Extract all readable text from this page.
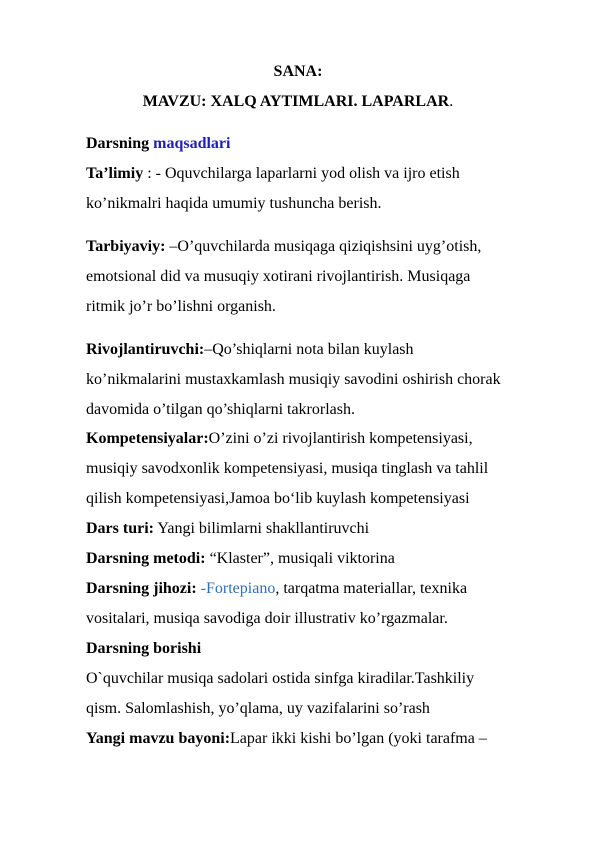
SANA:
MAVZU: XALQ AYTIMLARI. LAPARLAR.
Darsning maqsadlari
Ta’limiy : - Oquvchilarga laparlarni yod olish va ijro etish
ko’nikmalri haqida umumiy tushuncha berish.
Tarbiyaviy: –O’quvchilarda musiqaga qiziqishsini uyg’otish,
emotsional did va musuqiy xotirani rivojlantirish. Musiqaga
ritmik jo’r bo’lishni organish.
Rivojlantiruvchi:–Qo’shiqlarni nota bilan kuylash
ko’nikmalarini mustaxkamlash musiqiy savodini oshirish chorak
davomida o’tilgan qo’shiqlarni takrorlash.
Kompetensiyalar:O’zini o’zi rivojlantirish kompetensiyasi,
musiqiy savodxonlik kompetensiyasi, musiqa tinglash va tahlil
qilish kompetensiyasi,Jamoa bo‘lib kuylash kompetensiyasi
Dars turi: Yangi bilimlarni shakllantiruvchi
Darsning metodi: “Klaster”, musiqali viktorina
Darsning jihozi: -Fortepiano, tarqatma materiallar, texnika
vositalari, musiqa savodiga doir illustrativ ko’rgazmalar.
Darsning borishi
O`quvchilar musiqa sadolari ostida sinfga kiradilar.Tashkiliy
qism. Salomlashish, yo’qlama, uy vazifalarini so’rash
Yangi mavzu bayoni:Lapar ikki kishi bo’lgan (yoki tarafma –
